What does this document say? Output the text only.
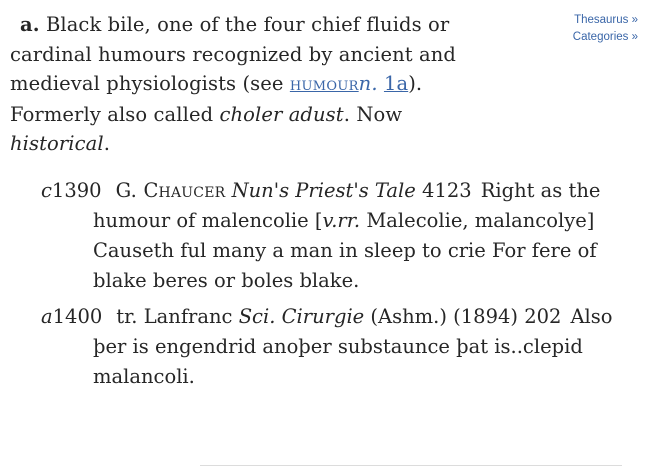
Thesaurus »
Categories »
a. Black bile, one of the four chief fluids or cardinal humours recognized by ancient and medieval physiologists (see humourn. 1a). Formerly also called choler adust. Now historical.
c1390 G. Chaucer Nun's Priest's Tale 4123 Right as the humour of malencolie [v.rr. Malecolie, malancolye] Causeth ful many a man in sleep to crie For fere of blake beres or boles blake.
a1400 tr. Lanfranc Sci. Cirurgie (Ashm.) (1894) 202 Also þer is engendrid anoþer substaunce þat is..clepid malancoli.
